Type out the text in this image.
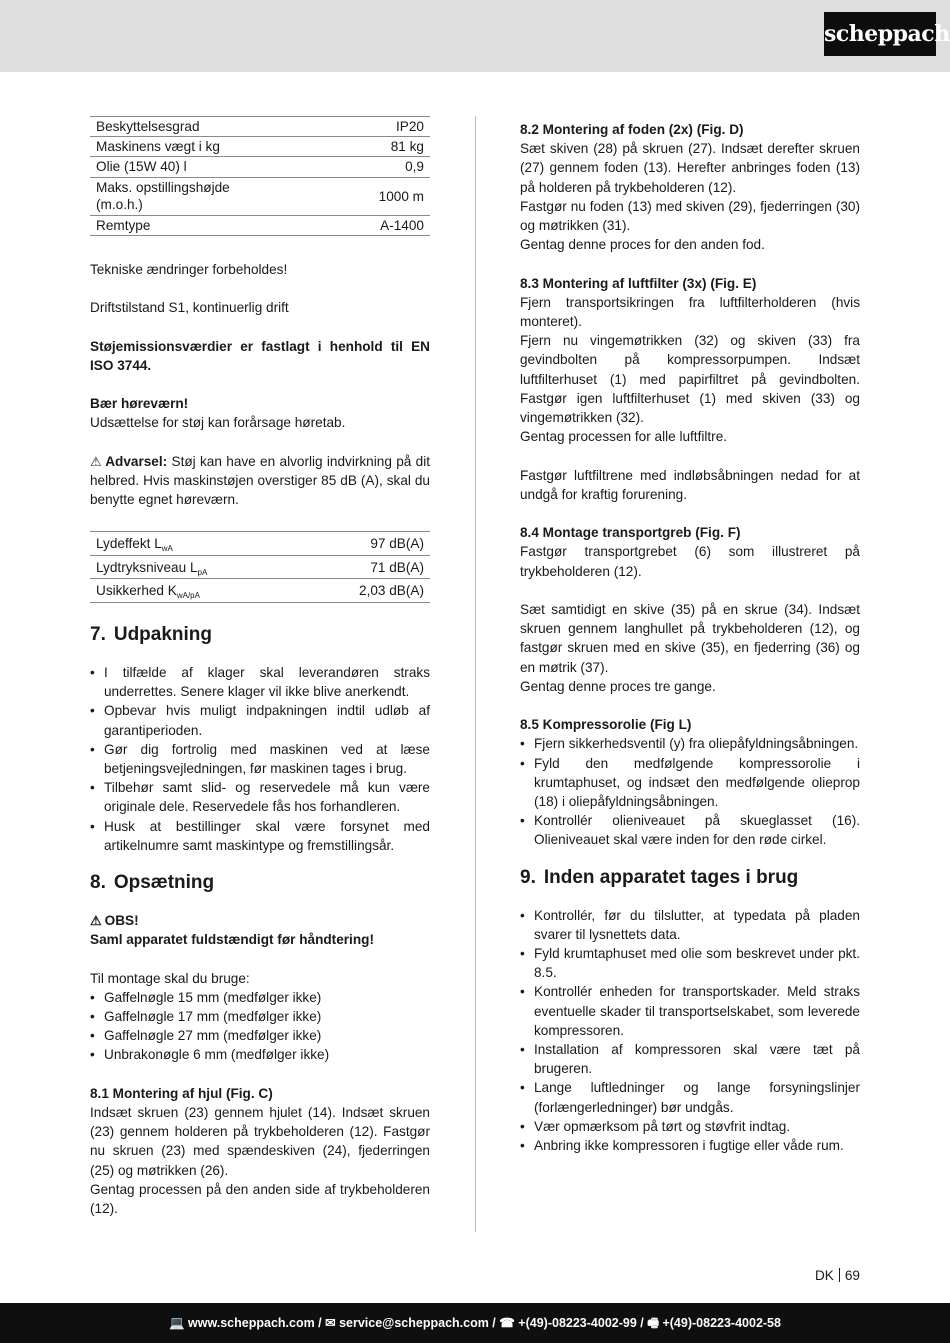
scheppach
Beskyttelsesgrad	IP20
Maskinens vægt i kg	81 kg
Olie (15W 40) l	0,9
Maks. opstillingshøjde (m.o.h.)	1000 m
Remtype	A-1400

Tekniske ændringer forbeholdes!

Driftstilstand S1, kontinuerlig drift

Støjemissionsværdier er fastlagt i henhold til EN ISO 3744.

Bær høreværn!

Udsættelse for støj kan forårsage høretab.

⚠ Advarsel: Støj kan have en alvorlig indvirkning på dit helbred. Hvis maskinstøjen overstiger 85 dB (A), skal du benytte egnet høreværn.

Lydeffekt $L_{wA}$	97 dB(A)
Lydtryksniveau $L_{pA}$	71 dB(A)
Usikkerhed $K_{wA/pA}$	2,03 dB(A)
7. Udpakning
• I tilfælde af klager skal leverandøren straks underrettes. Senere klager vil ikke blive anerkendt.
• Opbevar hvis muligt indpakningen indtil udløb af garantiperioden.
• Gør dig fortrolig med maskinen ved at læse betjeningsvejledningen, før maskinen tages i brug.
• Tilbehør samt slid- og reservedele må kun være originale dele. Reservedele fås hos forhandleren.
• Husk at bestillinger skal være forsynet med artikelnumre samt maskintype og fremstillingsår.
8. Opsætning

⚠ OBS!

Saml apparatet fuldstændigt før håndtering!

Til montage skal du bruge:

• Gaffelnøgle 15 mm (medfølger ikke)
• Gaffelnøgle 17 mm (medfølger ikke)
• Gaffelnøgle 27 mm (medfølger ikke)
• Unbrakonøgle 6 mm (medfølger ikke)

8.1 Montering af hjul (Fig. C)

Indsæt skruen (23) gennem hjulet (14). Indsæt skruen (23) gennem holderen på trykbeholderen (12). Fastgør nu skruen (23) med spændeskiven (24), fjederringen (25) og møtrikken (26).

Gentag processen på den anden side af trykbeholderen (12).

8.2 Montering af foden (2x) (Fig. D)

Sæt skiven (28) på skruen (27). Indsæt derefter skruen (27) gennem foden (13). Herefter anbringes foden (13) på holderen på trykbeholderen (12).

Fastgør nu foden (13) med skiven (29), fjederringen (30) og møtrikken (31).

Gentag denne proces for den anden fod.

8.3 Montering af luftfilter (3x) (Fig. E)

Fjern transportsikringen fra luftfilterholderen (hvis monteret).

Fjern nu vingemøtrikken (32) og skiven (33) fra gevindbolten på kompressorpumpen. Indsæt luftfilterhuset (1) med papirfiltret på gevindbolten. Fastgør igen luftfilterhuset (1) med skiven (33) og vingemøtrikken (32).

Gentag processen for alle luftfiltre.

Fastgør luftfiltrene med indløbsåbningen nedad for at undgå for kraftig forurening.

8.4 Montage transportgreb (Fig. F)

Fastgør transportgrebet (6) som illustreret på trykbeholderen (12).

Sæt samtidigt en skive (35) på en skrue (34). Indsæt skruen gennem langhullet på trykbeholderen (12), og fastgør skruen med en skive (35), en fjederring (36) og en møtrik (37).

Gentag denne proces tre gange.

8.5 Kompressorolie (Fig L)

• Fjern sikkerhedsventil (y) fra oliepåfyldningsåbningen.
• Fyld den medfølgende kompressorolie i krumtaphuset, og indsæt den medfølgende olieprop (18) i oliepåfyldningsåbningen.
• Kontrollér olieniveauet på skueglasset (16). Olieniveauet skal være inden for den røde cirkel.
9. Inden apparatet tages i brug
• Kontrollér, før du tilslutter, at typedata på pladen svarer til lysnettets data.
• Fyld krumtaphuset med olie som beskrevet under pkt. 8.5.
• Kontrollér enheden for transportskader. Meld straks eventuelle skader til transportselskabet, som leverede kompressoren.
• Installation af kompressoren skal være tæt på brugeren.
• Lange luftledninger og lange forsyningslinjer (forlængerledninger) bør undgås.
• Vær opmærksom på tørt og støvfrit indtag.
• Anbring ikke kompressoren i fugtige eller våde rum.
DK 69
💻 www.scheppach.com / ✉ service@scheppach.com / ☎ +(49)-08223-4002-99 / 🖷 +(49)-08223-4002-58
